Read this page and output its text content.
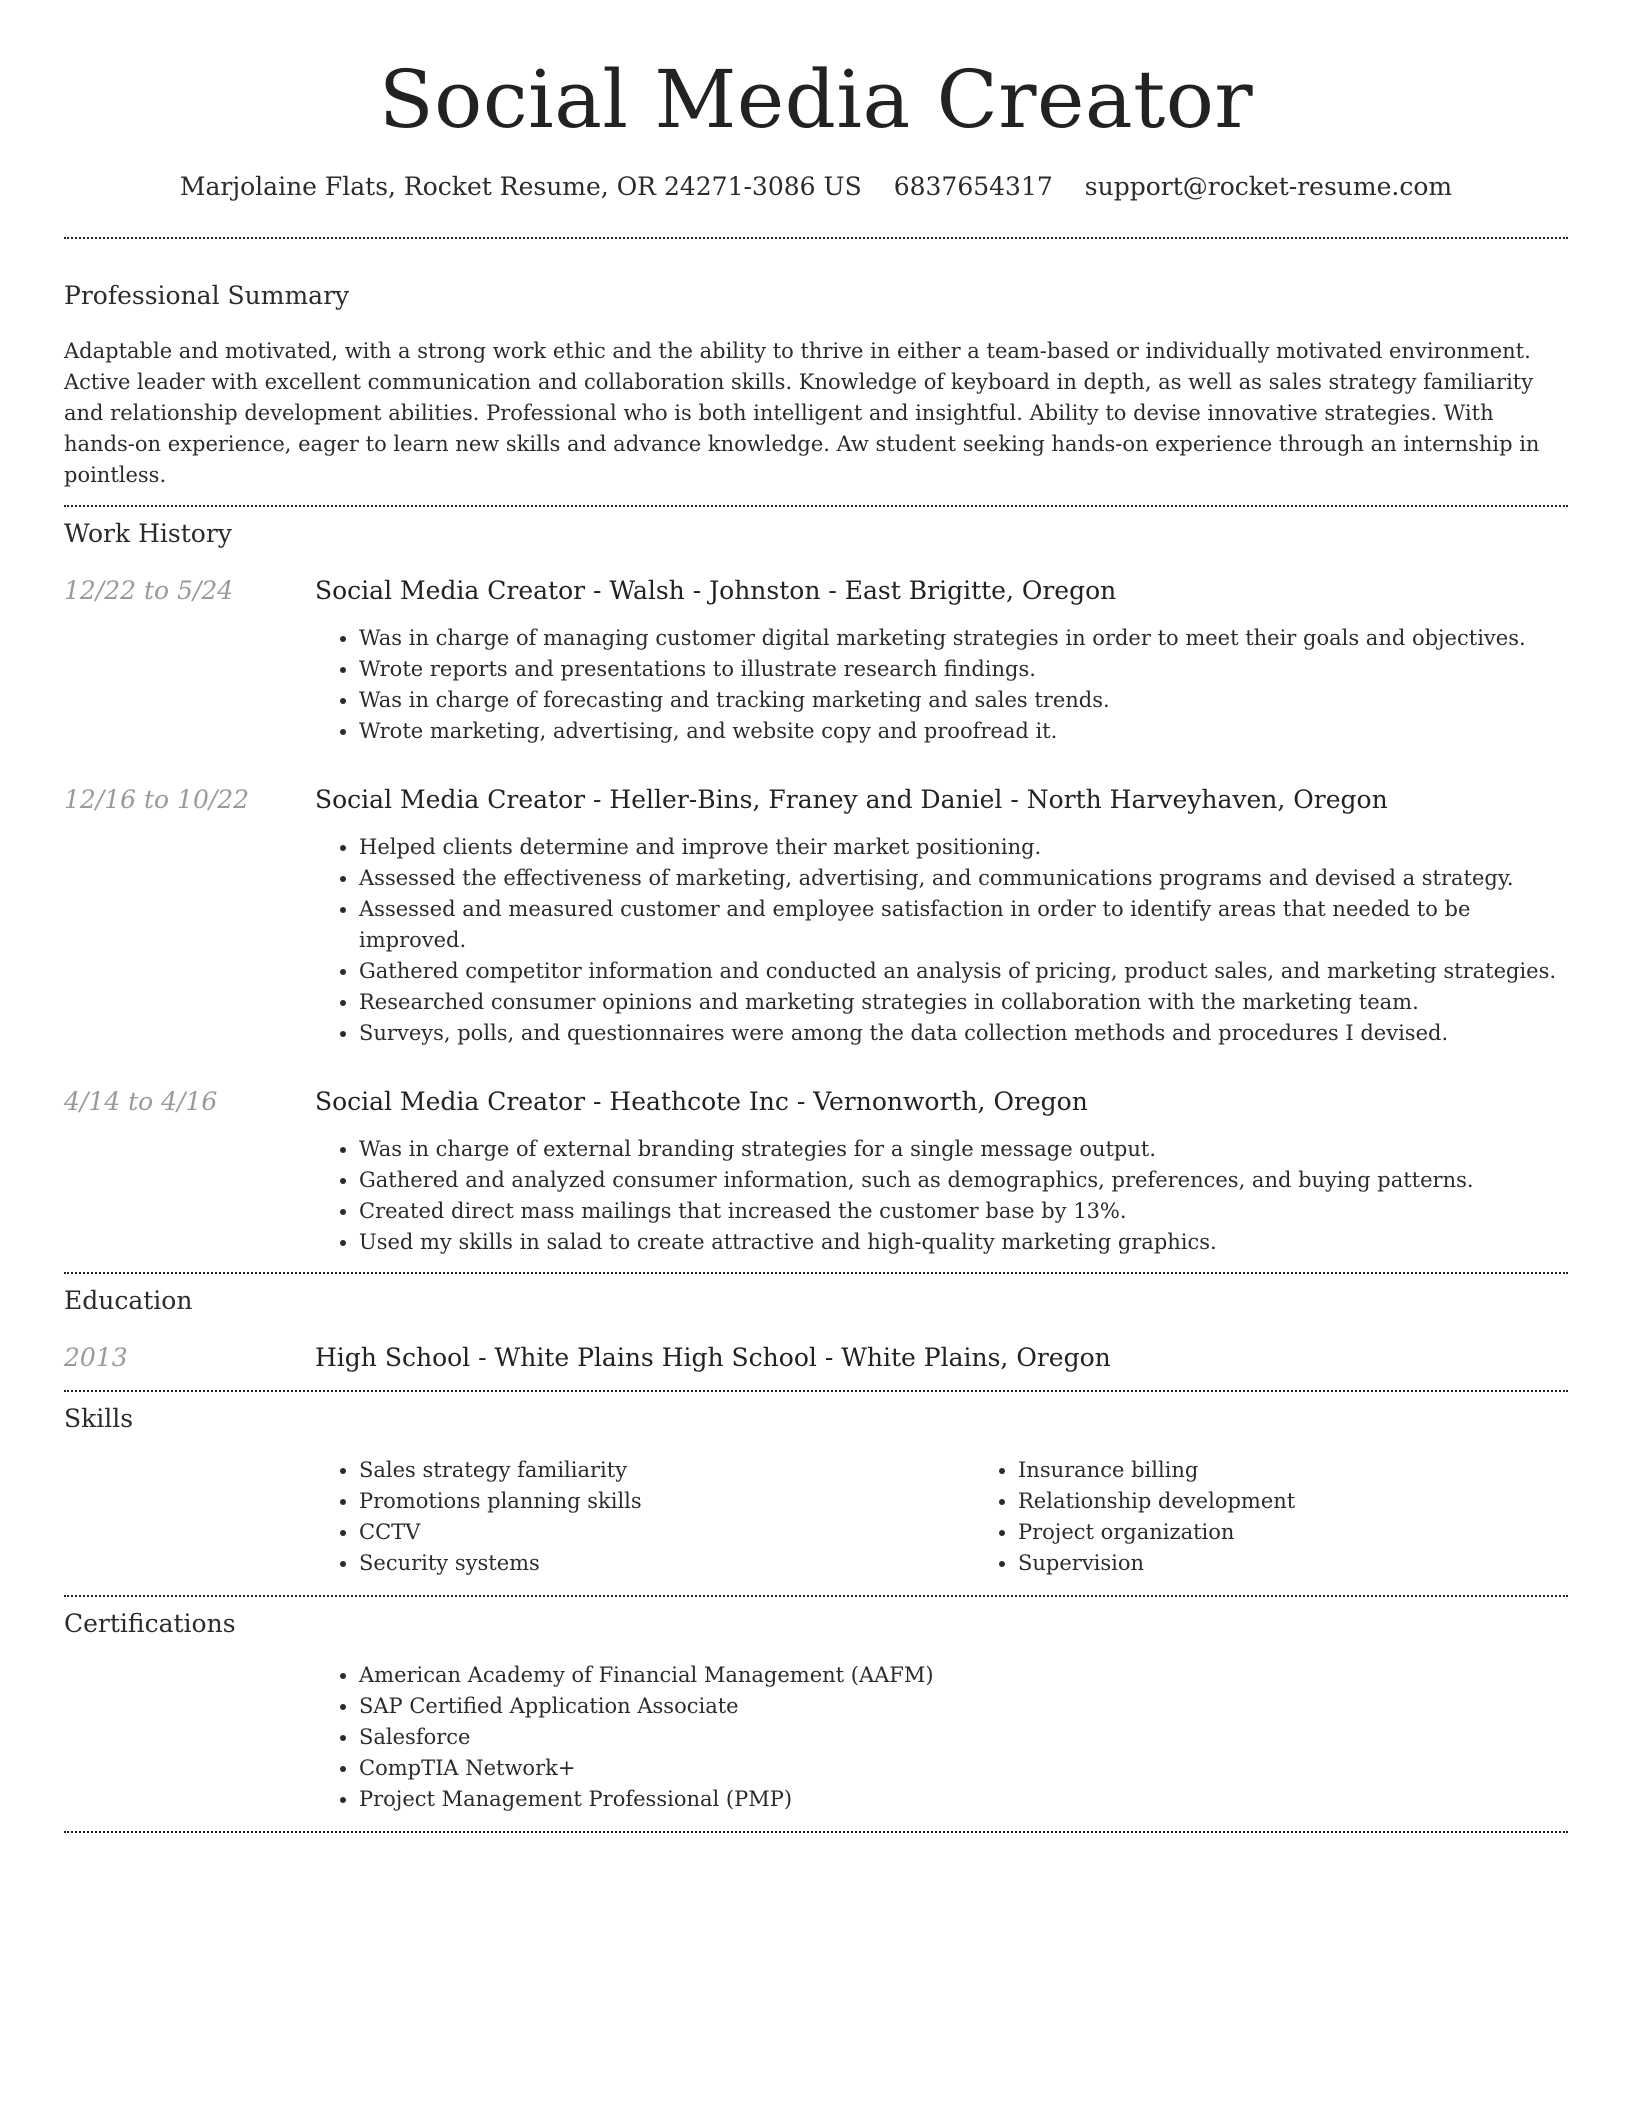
Social Media Creator
Marjolaine Flats, Rocket Resume, OR 24271-3086 US 6837654317 support@rocket-resume.com
Professional Summary

Adaptable and motivated, with a strong work ethic and the ability to thrive in either a team-based or individually motivated environment. Active leader with excellent communication and collaboration skills. Knowledge of keyboard in depth, as well as sales strategy familiarity and relationship development abilities. Professional who is both intelligent and insightful. Ability to devise innovative strategies. With hands-on experience, eager to learn new skills and advance knowledge. Aw student seeking hands-on experience through an internship in pointless.

Work History
12/22 to 5/24	Social Media Creator - Walsh - Johnston - East Brigitte, Oregon
• Was in charge of managing customer digital marketing strategies in order to meet their goals and objectives.
• Wrote reports and presentations to illustrate research findings.
• Was in charge of forecasting and tracking marketing and sales trends.
• Wrote marketing, advertising, and website copy and proofread it.
12/16 to 10/22	Social Media Creator - Heller-Bins, Franey and Daniel - North Harveyhaven, Oregon
• Helped clients determine and improve their market positioning.
• Assessed the effectiveness of marketing, advertising, and communications programs and devised a strategy.
• Assessed and measured customer and employee satisfaction in order to identify areas that needed to be improved.
• Gathered competitor information and conducted an analysis of pricing, product sales, and marketing strategies.
• Researched consumer opinions and marketing strategies in collaboration with the marketing team.
• Surveys, polls, and questionnaires were among the data collection methods and procedures I devised.
4/14 to 4/16	Social Media Creator - Heathcote Inc - Vernonworth, Oregon
• Was in charge of external branding strategies for a single message output.
• Gathered and analyzed consumer information, such as demographics, preferences, and buying patterns.
• Created direct mass mailings that increased the customer base by 13%.
• Used my skills in salad to create attractive and high-quality marketing graphics.
Education
2013	High School - White Plains High School - White Plains, Oregon
Skills
• Sales strategy familiarity
• Promotions planning skills
• CCTV
• Security systems
• Insurance billing
• Relationship development
• Project organization
• Supervision
Certifications
• American Academy of Financial Management (AAFM)
• SAP Certified Application Associate
• Salesforce
• CompTIA Network+
• Project Management Professional (PMP)
